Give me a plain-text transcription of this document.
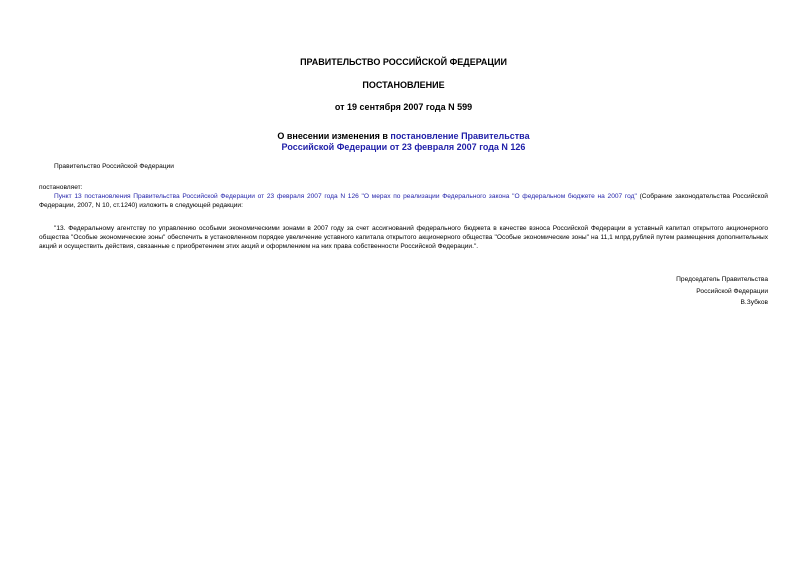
ПРАВИТЕЛЬСТВО РОССИЙСКОЙ ФЕДЕРАЦИИ
ПОСТАНОВЛЕНИЕ
от 19 сентября 2007 года N 599
О внесении изменения в постановление Правительства
Российской Федерации от 23 февраля 2007 года N 126
Правительство Российской Федерации
постановляет:
Пункт 13 постановления Правительства Российской Федерации от 23 февраля 2007 года N 126 "О мерах по реализации Федерального закона "О федеральном бюджете на 2007 год" (Собрание законодательства Российской Федерации, 2007, N 10, ст.1240) изложить в следующей редакции:
"13. Федеральному агентству по управлению особыми экономическими зонами в 2007 году за счет ассигнований федерального бюджета в качестве взноса Российской Федерации в уставный капитал открытого акционерного общества "Особые экономические зоны" обеспечить в установленном порядке увеличение уставного капитала открытого акционерного общества "Особые экономические зоны" на 11,1 млрд.рублей путем размещения дополнительных акций и осуществить действия, связанные с приобретением этих акций и оформлением на них права собственности Российской Федерации.".
Председатель Правительства
Российской Федерации
В.Зубков
